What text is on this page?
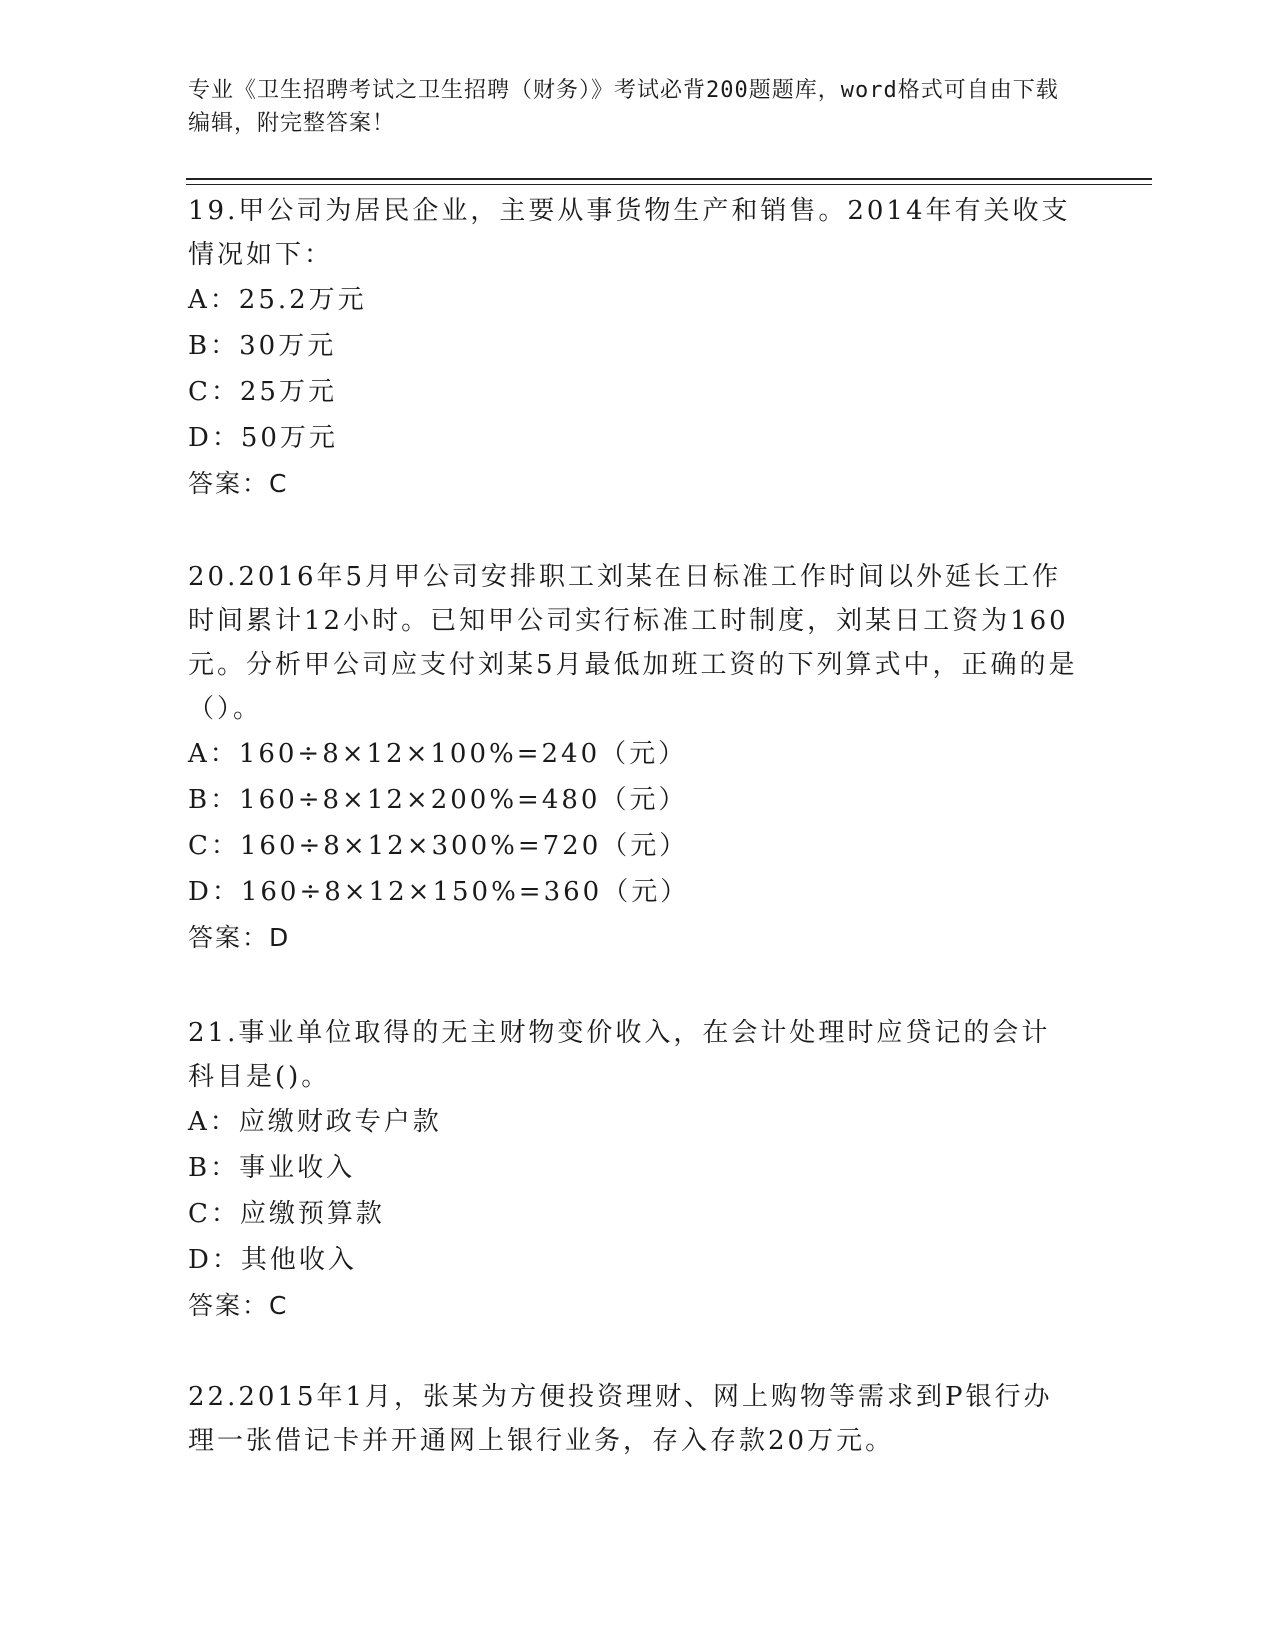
专业《卫生招聘考试之卫生招聘（财务）》考试必背200题题库，word格式可自由下载编辑，附完整答案！
19.甲公司为居民企业，主要从事货物生产和销售。2014年有关收支情况如下：
A：25.2万元
B：30万元
C：25万元
D：50万元
答案：C
20.2016年5月甲公司安排职工刘某在日标准工作时间以外延长工作时间累计12小时。已知甲公司实行标准工时制度，刘某日工资为160元。分析甲公司应支付刘某5月最低加班工资的下列算式中，正确的是（）。
A：160÷8×12×100%=240（元）
B：160÷8×12×200%=480（元）
C：160÷8×12×300%=720（元）
D：160÷8×12×150%=360（元）
答案：D
21.事业单位取得的无主财物变价收入，在会计处理时应贷记的会计科目是()。
A：应缴财政专户款
B：事业收入
C：应缴预算款
D：其他收入
答案：C
22.2015年1月，张某为方便投资理财、网上购物等需求到P银行办理一张借记卡并开通网上银行业务，存入存款20万元。
